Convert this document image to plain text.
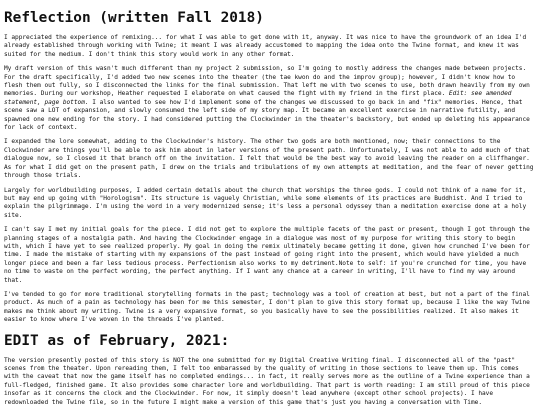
Reflection (written Fall 2018)

I appreciated the experience of remixing... for what I was able to get done with it, anyway. It was nice to have the groundwork of an idea I'd already established through working with Twine; it meant I was already accustomed to mapping the idea onto the Twine format, and knew it was suited for the medium. I don't think this story would work in any other format.

My draft version of this wasn't much different than my project 2 submission, so I'm going to mostly address the changes made between projects. For the draft specifically, I'd added two new scenes into the theater (the tae kwon do and the improv group); however, I didn't know how to flesh them out fully, so I disconnected the links for the final submission. That left me with two scenes to use, both drawn heavily from my own memories. During our workshop, Heather requested I elaborate on what caused the fight with my friend in the first place. Edit: see amended statement, page bottom. I also wanted to see how I'd implement some of the changes we discussed to go back in and "fix" memories. Hence, that scene saw a LOT of expansion, and slowly consumed the left side of my story map. It became an excellent exercise in narrative futility, and spawned one new ending for the story. I had considered putting the Clockwinder in the theater's backstory, but ended up deleting his appearance for lack of context.

I expanded the lore somewhat, adding to the Clockwinder's history. The other two gods are both mentioned, now; their connections to the Clockwinder are things you'll be able to ask him about in later versions of the present path. Unfortunately, I was not able to add much of that dialogue now, so I closed it that branch off on the invitation. I felt that would be the best way to avoid leaving the reader on a cliffhanger. As for what I did get on the present path, I drew on the trials and tribulations of my own attempts at meditation, and the fear of never getting through those trials.

Largely for worldbuilding purposes, I added certain details about the church that worships the three gods. I could not think of a name for it, but may end up going with "Horologism". Its structure is vaguely Christian, while some elements of its practices are Buddhist. And I tried to explain the pilgrimmage. I'm using the word in a very modernized sense; it's less a personal odyssey than a meditation exercise done at a holy site.

I can't say I met my initial goals for the piece. I did not get to explore the multiple facets of the past or present, though I got through the planning stages of a nostalgia path. And having the Clockwinder engage in a dialogue was most of my purpose for writing this story to begin with, which I have yet to see realized properly. My goal in doing the remix ultimately became getting it done, given how crunched I've been for time. I made the mistake of starting with my expansions of the past instead of going right into the present, which would have yielded a much longer piece and been a far less tedious process. Perfectionism also works to my detriment.Note to self: if you're crunched for time, you have no time to waste on the perfect wording, the perfect anything. If I want any chance at a career in writing, I'll have to find my way around that.

I've tended to go for more traditional storytelling formats in the past; technology was a tool of creation at best, but not a part of the final product. As much of a pain as technology has been for me this semester, I don't plan to give this story format up, because I like the way Twine makes me think about my writing. Twine is a very expansive format, so you basically have to see the possibilities realized. It also makes it easier to know where I've woven in the threads I've planted.

EDIT as of February, 2021:

The version presently posted of this story is NOT the one submitted for my Digital Creative Writing final. I disconnected all of the "past" scenes from the theater. Upon rereading them, I felt too embarassed by the quality of writing in those sections to leave them up. This comes with the caveat that now the game itself has no completed endings... in fact, it really serves more as the outline of a Twine experience than a full-fledged, finished game. It also provides some character lore and worldbuilding. That part is worth reading: I am still proud of this piece insofar as it concerns the clock and the Clockwinder. For now, it simply doesn't lead anywhere (except other school projects). I have redownloaded the Twine file, so in the future I might make a version of this game that's just you having a conversation with Time.
